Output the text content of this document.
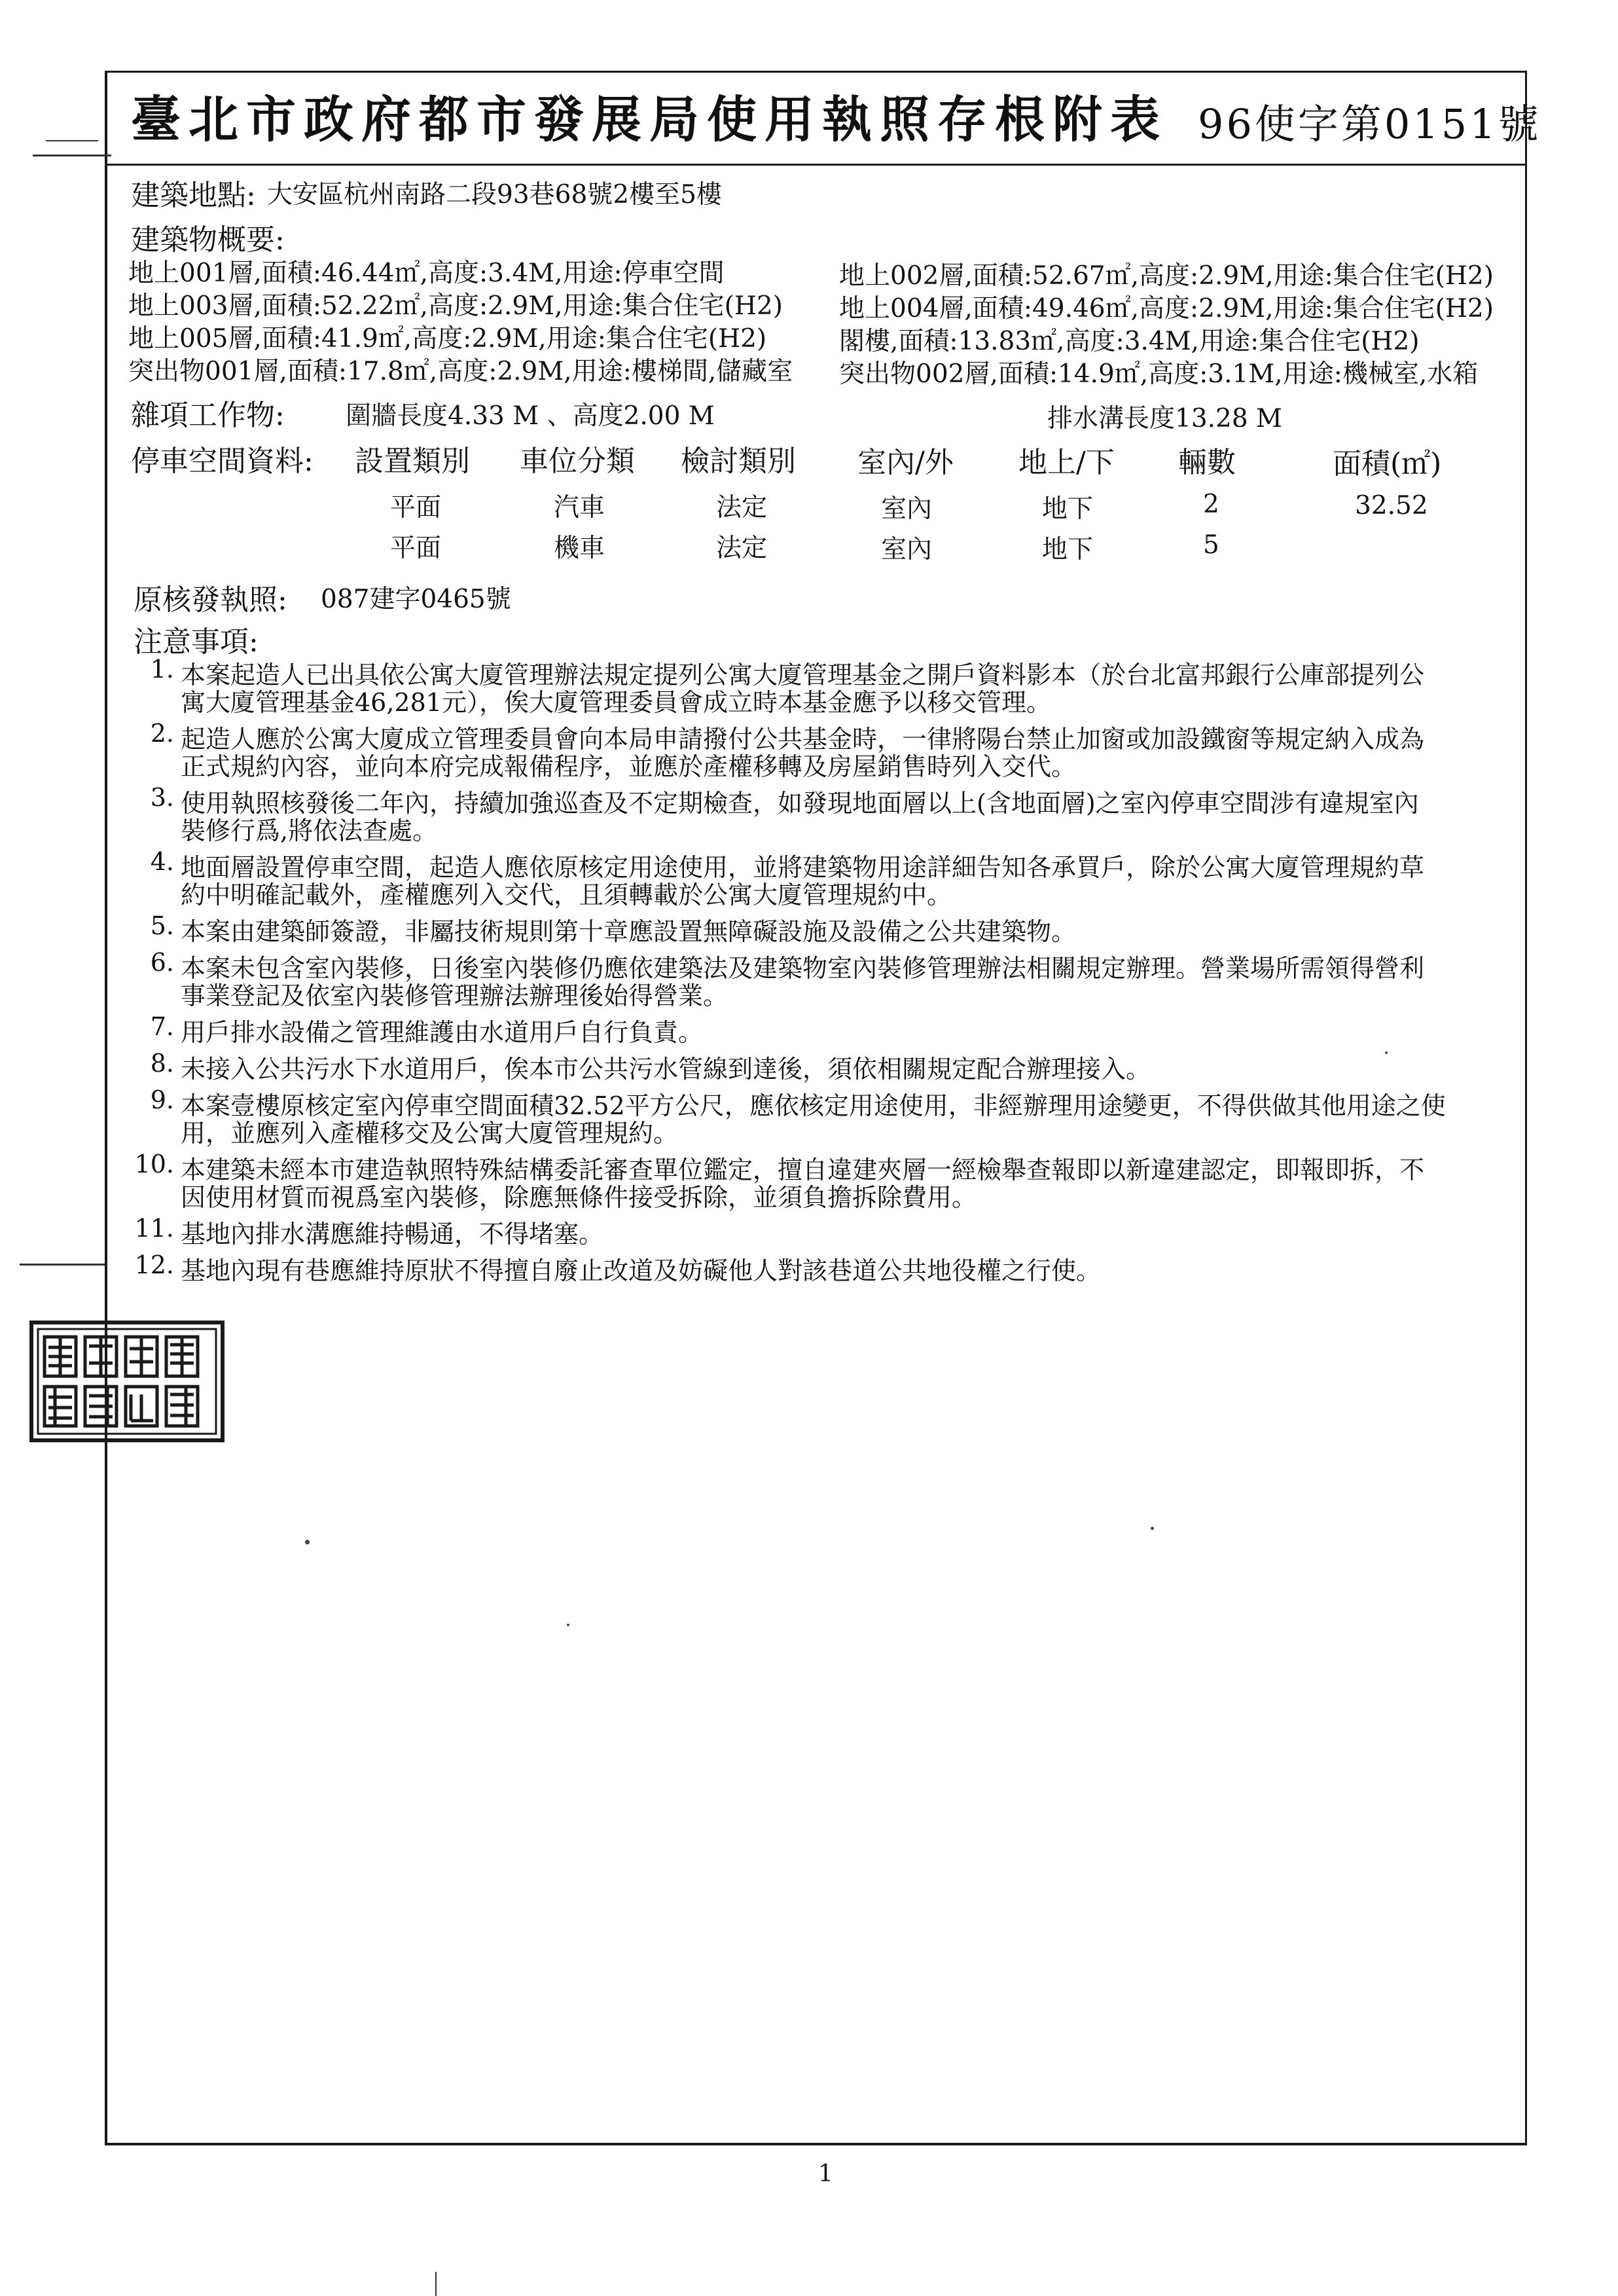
臺北市政府都市發展局使用執照存根附表 96使字第0151號
建築地點: 大安區杭州南路二段93巷68號2樓至5樓
建築物概要:
地上001層,面積:46.44㎡,高度:3.4M,用途:停車空間	地上002層,面積:52.67㎡,高度:2.9M,用途:集合住宅(H2)
地上003層,面積:52.22㎡,高度:2.9M,用途:集合住宅(H2) 地上004層,面積:49.46㎡,高度:2.9M,用途:集合住宅(H2)
地上005層,面積:41.9㎡,高度:2.9M,用途:集合住宅(H2)	閣樓,面積:13.83㎡,高度:3.4M,用途:集合住宅(H2)
突出物001層,面積:17.8㎡,高度:2.9M,用途:樓梯間,儲藏室 突出物002層,面積:14.9㎡,高度:3.1M,用途:機械室,水箱
雜項工作物: 圍牆長度4.33 M 、高度2.00 M	排水溝長度13.28 M
停車空間資料: 設置類別 車位分類 檢討類別 室內/外 地上/下 輛數	面積(㎡)
平面	汽車	法定	室內	地下	2	32.52
平面	機車	法定	室內	地下	5
原核發執照: 087建字0465號
注意事項:
1. 本案起造人已出具依公寓大廈管理辦法規定提列公寓大廈管理基金之開戶資料影本（於台北富邦銀行公庫部提列公
寓大廈管理基金46,281元），俟大廈管理委員會成立時本基金應予以移交管理。
2. 起造人應於公寓大廈成立管理委員會向本局申請撥付公共基金時，一律將陽台禁止加窗或加設鐵窗等規定納入成為
正式規約內容，並向本府完成報備程序，並應於產權移轉及房屋銷售時列入交代。
3. 使用執照核發後二年內，持續加強巡查及不定期檢查，如發現地面層以上(含地面層)之室內停車空間涉有違規室內
裝修行爲,將依法查處。
4. 地面層設置停車空間，起造人應依原核定用途使用，並將建築物用途詳細告知各承買戶，除於公寓大廈管理規約草
約中明確記載外，產權應列入交代，且須轉載於公寓大廈管理規約中。
5. 本案由建築師簽證，非屬技術規則第十章應設置無障礙設施及設備之公共建築物。
6. 本案未包含室內裝修，日後室內裝修仍應依建築法及建築物室內裝修管理辦法相關規定辦理。營業場所需領得營利
事業登記及依室內裝修管理辦法辦理後始得營業。
7. 用戶排水設備之管理維護由水道用戶自行負責。
8. 未接入公共污水下水道用戶，俟本市公共污水管線到達後，須依相關規定配合辦理接入。
9. 本案壹樓原核定室內停車空間面積32.52平方公尺，應依核定用途使用，非經辦理用途變更，不得供做其他用途之使
用，並應列入產權移交及公寓大廈管理規約。
10. 本建築未經本市建造執照特殊結構委託審查單位鑑定，擅自違建夾層一經檢舉查報即以新違建認定，即報即拆，不
因使用材質而視爲室內裝修，除應無條件接受拆除，並須負擔拆除費用。
11. 基地內排水溝應維持暢通，不得堵塞。
12. 基地內現有巷應維持原狀不得擅自廢止改道及妨礙他人對該巷道公共地役權之行使。
1
